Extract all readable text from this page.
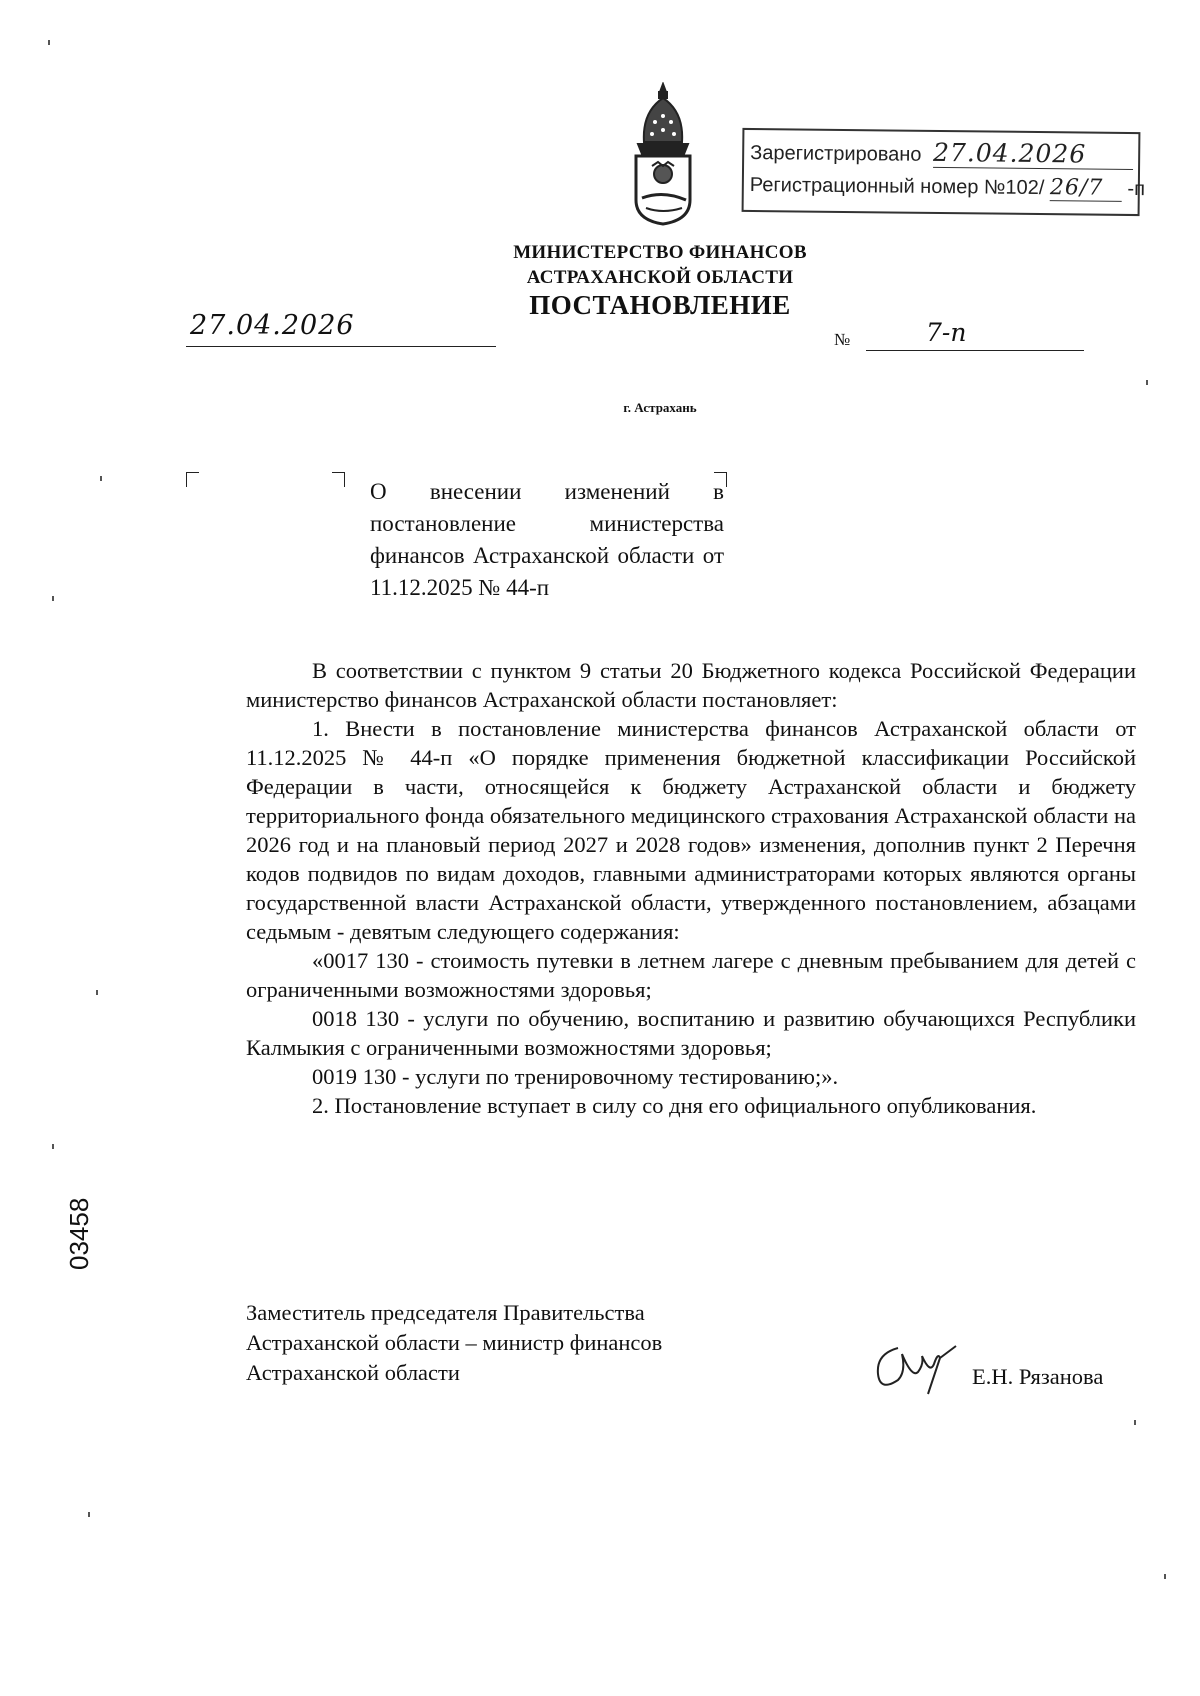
Зарегистрировано 27.04.2026
Регистрационный номер №102/ 26/7 -п
МИНИСТЕРСТВО ФИНАНСОВ
АСТРАХАНСКОЙ ОБЛАСТИ
ПОСТАНОВЛЕНИЕ
27.04.2026	№	7-п
г. Астрахань
О внесении изменений в постановление министерства финансов Астраханской области от 11.12.2025 № 44-п

В соответствии с пунктом 9 статьи 20 Бюджетного кодекса Российской Федерации министерство финансов Астраханской области постановляет:

1. Внести в постановление министерства финансов Астраханской области от 11.12.2025 № 44-п «О порядке применения бюджетной классификации Российской Федерации в части, относящейся к бюджету Астраханской области и бюджету территориального фонда обязательного медицинского страхования Астраханской области на 2026 год и на плановый период 2027 и 2028 годов» изменения, дополнив пункт 2 Перечня кодов подвидов по видам доходов, главными администраторами которых являются органы государственной власти Астраханской области, утвержденного постановлением, абзацами седьмым - девятым следующего содержания:

«0017 130 - стоимость путевки в летнем лагере с дневным пребыванием для детей с ограниченными возможностями здоровья;

0018 130 - услуги по обучению, воспитанию и развитию обучающихся Республики Калмыкия с ограниченными возможностями здоровья;

0019 130 - услуги по тренировочному тестированию;».

2. Постановление вступает в силу со дня его официального опубликования.

Заместитель председателя Правительства
Астраханской области – министр финансов
Астраханской области	Е.Н. Рязанова
03458
